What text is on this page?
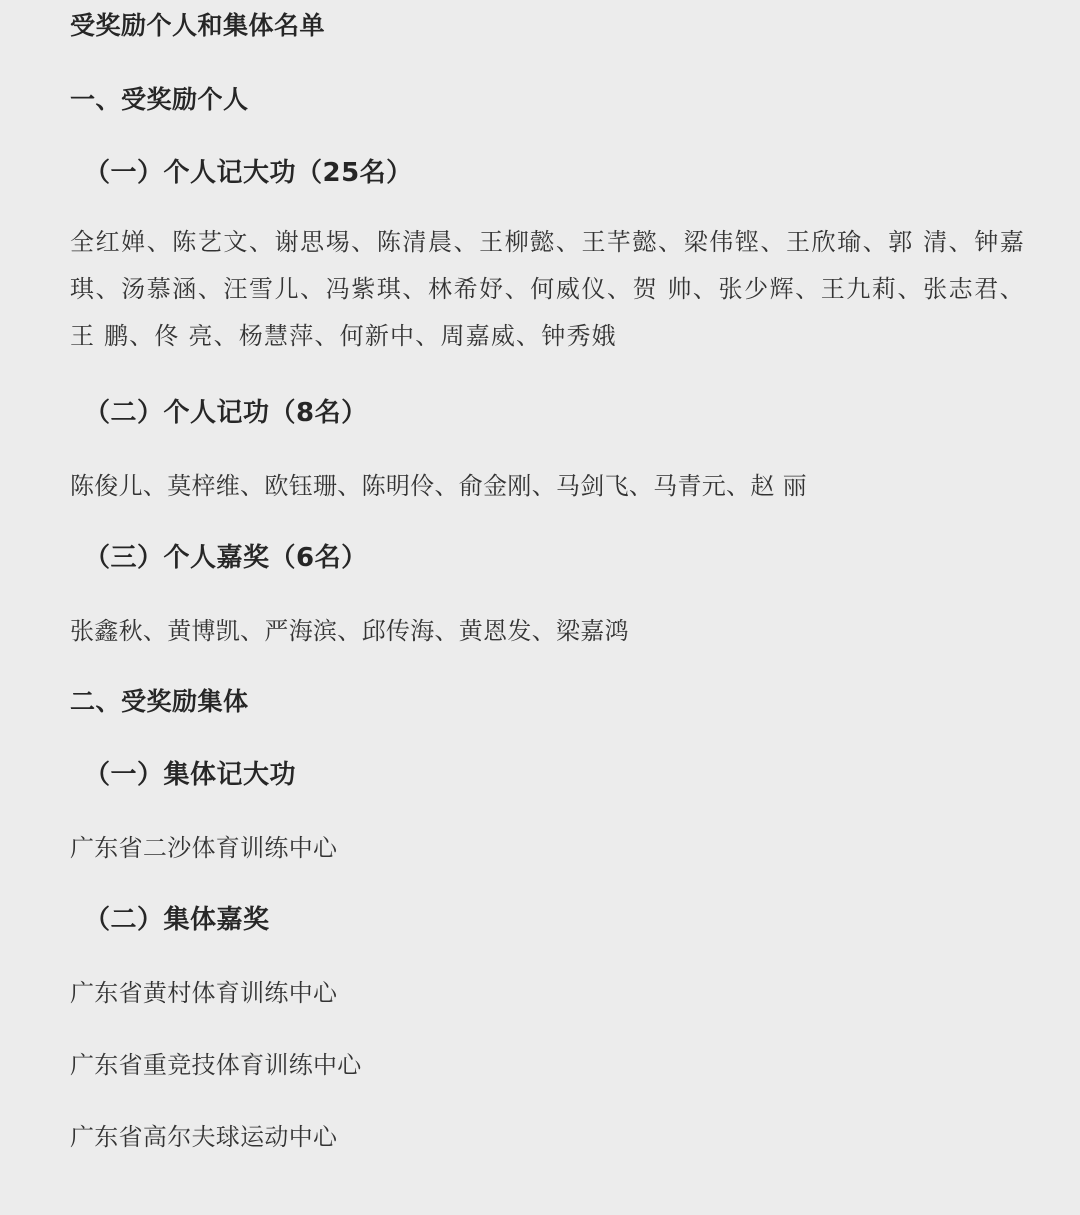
受奖励个人和集体名单
一、受奖励个人
（一）个人记大功（25名）

全红婵、陈艺文、谢思埸、陈清晨、王柳懿、王芊懿、梁伟铿、王欣瑜、郭 清、钟嘉琪、汤慕涵、汪雪儿、冯紫琪、林希妤、何威仪、贺 帅、张少辉、王九莉、张志君、王 鹏、佟 亮、杨慧萍、何新中、周嘉威、钟秀娥

（二）个人记功（8名）
陈俊儿、莫梓维、欧钰珊、陈明伶、俞金刚、马剑飞、马青元、赵 丽
（三）个人嘉奖（6名）
张鑫秋、黄博凯、严海滨、邱传海、黄恩发、梁嘉鸿
二、受奖励集体
（一）集体记大功
广东省二沙体育训练中心
（二）集体嘉奖
广东省黄村体育训练中心
广东省重竞技体育训练中心
广东省高尔夫球运动中心
